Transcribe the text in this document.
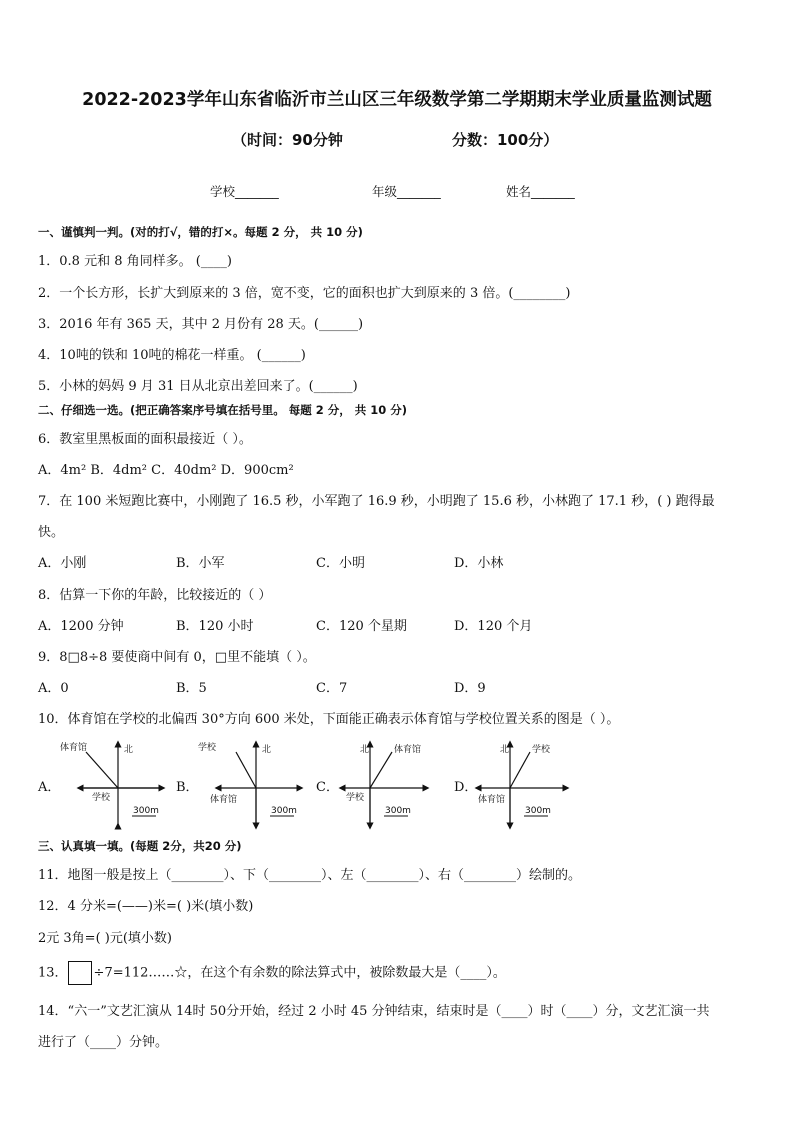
2022-2023学年山东省临沂市兰山区三年级数学第二学期期末学业质量监测试题
（时间：90分钟	分数：100分）
学校_______	年级_______	姓名_______
一、谨慎判一判。(对的打√，错的打×。每题 2 分， 共 10 分)
1．0.8 元和 8 角同样多。 (____)
2．一个长方形，长扩大到原来的 3 倍，宽不变，它的面积也扩大到原来的 3 倍。(________)
3．2016 年有 365 天，其中 2 月份有 28 天。(______)
4．10吨的铁和 10吨的棉花一样重。 (______)
5．小林的妈妈 9 月 31 日从北京出差回来了。(______)
二、仔细选一选。(把正确答案序号填在括号里。 每题 2 分， 共 10 分)
6．教室里黑板面的面积最接近（ ）。
A．4m² B．4dm² C．40dm² D．900cm²
7．在 100 米短跑比赛中，小刚跑了 16.5 秒，小军跑了 16.9 秒，小明跑了 15.6 秒，小林跑了 17.1 秒，( ) 跑得最
快。
A．小刚	B．小军	C．小明	D．小林
8．估算一下你的年龄，比较接近的（ ）
A．1200 分钟	B．120 小时	C．120 个星期	D．120 个月
9．8□8÷8 要使商中间有 0，□里不能填（ ）。
A．0	B．5	C．7	D．9
10．体育馆在学校的北偏西 30°方向 600 米处，下面能正确表示体育馆与学校位置关系的图是（ ）。
A．	B．	C．	D．
北
体育馆
学校
300m
北
学校
体育馆
300m
北	体育馆
学校
300m
北	学校
体育馆
300m
三、认真填一填。(每题 2分，共20 分)
11．地图一般是按上（________）、下（________）、左（________）、右（________）绘制的。
12．4 分米=(——)米=( )米(填小数)
2元 3角=( )元(填小数)
13． ÷7=112……☆，在这个有余数的除法算式中，被除数最大是（____）。
14．“六一”文艺汇演从 14时 50分开始，经过 2 小时 45 分钟结束，结束时是（____）时（____）分，文艺汇演一共
进行了（____）分钟。
